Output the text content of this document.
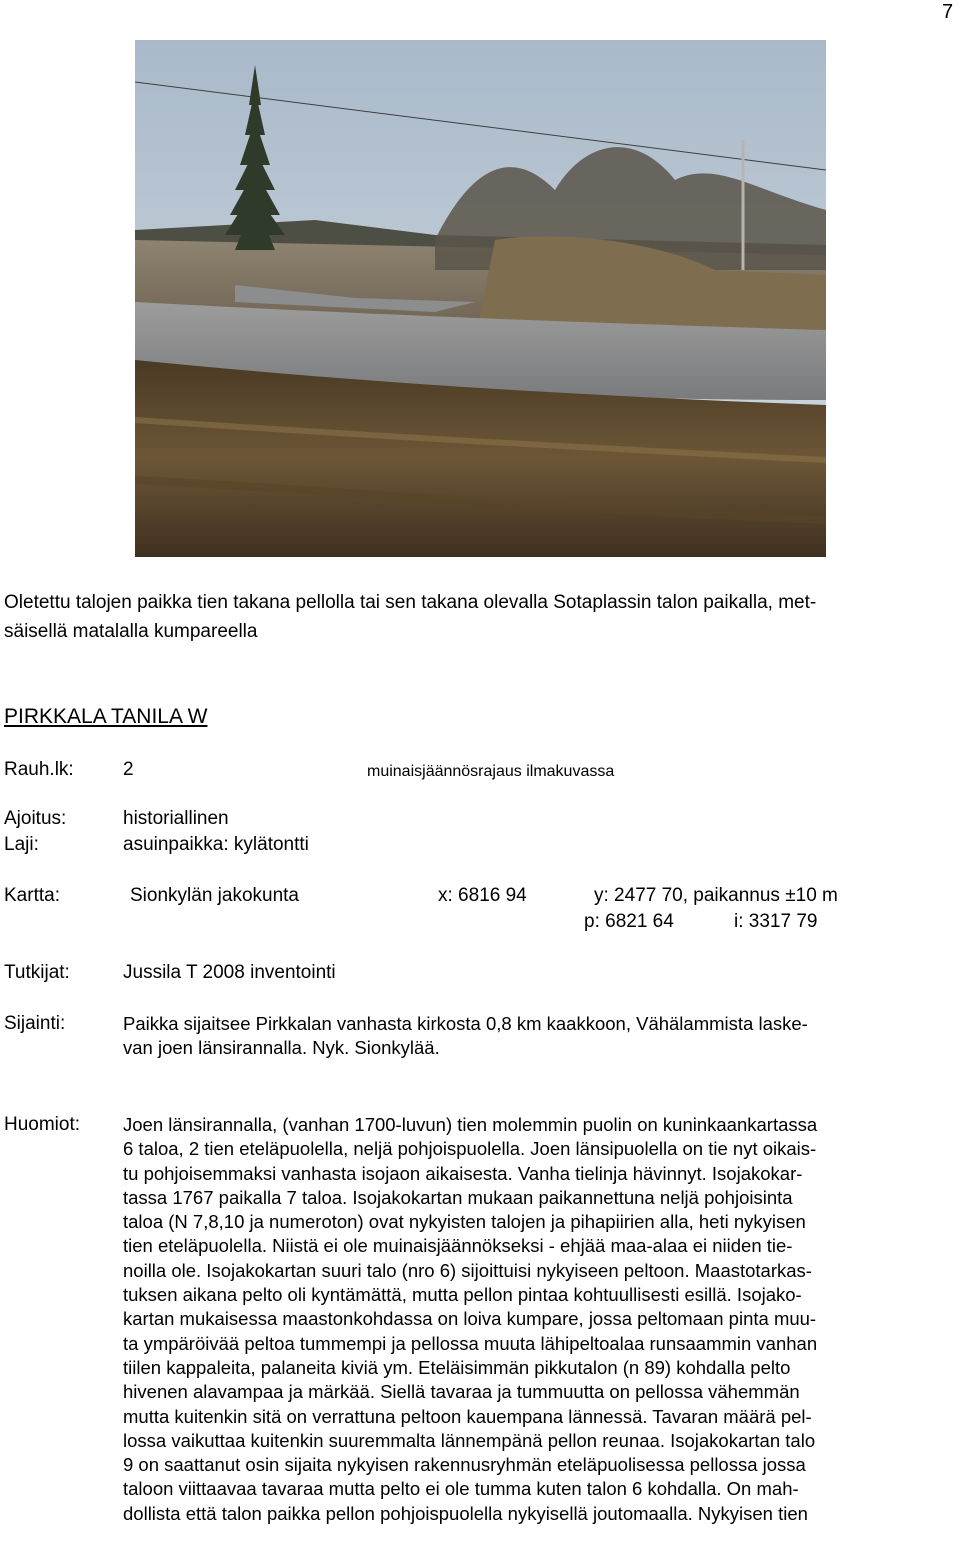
7
Oletettu talojen paikka tien takana pellolla tai sen takana olevalla Sotaplassin talon paikalla, met-
säisellä matalalla kumpareella
PIRKKALA TANILA W
Rauh.lk:	2	muinaisjäännösrajaus ilmakuvassa
Ajoitus:	historiallinen
Laji:	asuinpaikka: kylätontti
Kartta:	Sionkylän jakokunta	x: 6816 94	y: 2477 70, paikannus ±10 m
p: 6821 64	i: 3317 79
Tutkijat:	Jussila T 2008 inventointi
Sijainti:	Paikka sijaitsee Pirkkalan vanhasta kirkosta 0,8 km kaakkoon, Vähälammista laske-
van joen länsirannalla. Nyk. Sionkylää.
Huomiot: Joen länsirannalla, (vanhan 1700-luvun) tien molemmin puolin on kuninkaankartassa
6 taloa, 2 tien eteläpuolella, neljä pohjoispuolella. Joen länsipuolella on tie nyt oikais-
tu pohjoisemmaksi vanhasta isojaon aikaisesta. Vanha tielinja hävinnyt. Isojakokar-
tassa 1767 paikalla 7 taloa. Isojakokartan mukaan paikannettuna neljä pohjoisinta
taloa (N 7,8,10 ja numeroton) ovat nykyisten talojen ja pihapiirien alla, heti nykyisen
tien eteläpuolella. Niistä ei ole muinaisjäännökseksi - ehjää maa-alaa ei niiden tie-
noilla ole. Isojakokartan suuri talo (nro 6) sijoittuisi nykyiseen peltoon. Maastotarkas-
tuksen aikana pelto oli kyntämättä, mutta pellon pintaa kohtuullisesti esillä. Isojako-
kartan mukaisessa maastonkohdassa on loiva kumpare, jossa peltomaan pinta muu-
ta ympäröivää peltoa tummempi ja pellossa muuta lähipeltoalaa runsaammin vanhan
tiilen kappaleita, palaneita kiviä ym. Eteläisimmän pikkutalon (n 89) kohdalla pelto
hivenen alavampaa ja märkää. Siellä tavaraa ja tummuutta on pellossa vähemmän
mutta kuitenkin sitä on verrattuna peltoon kauempana lännessä. Tavaran määrä pel-
lossa vaikuttaa kuitenkin suuremmalta lännempänä pellon reunaa. Isojakokartan talo
9 on saattanut osin sijaita nykyisen rakennusryhmän eteläpuolisessa pellossa jossa
taloon viittaavaa tavaraa mutta pelto ei ole tumma kuten talon 6 kohdalla. On mah-
dollista että talon paikka pellon pohjoispuolella nykyisellä joutomaalla. Nykyisen tien
